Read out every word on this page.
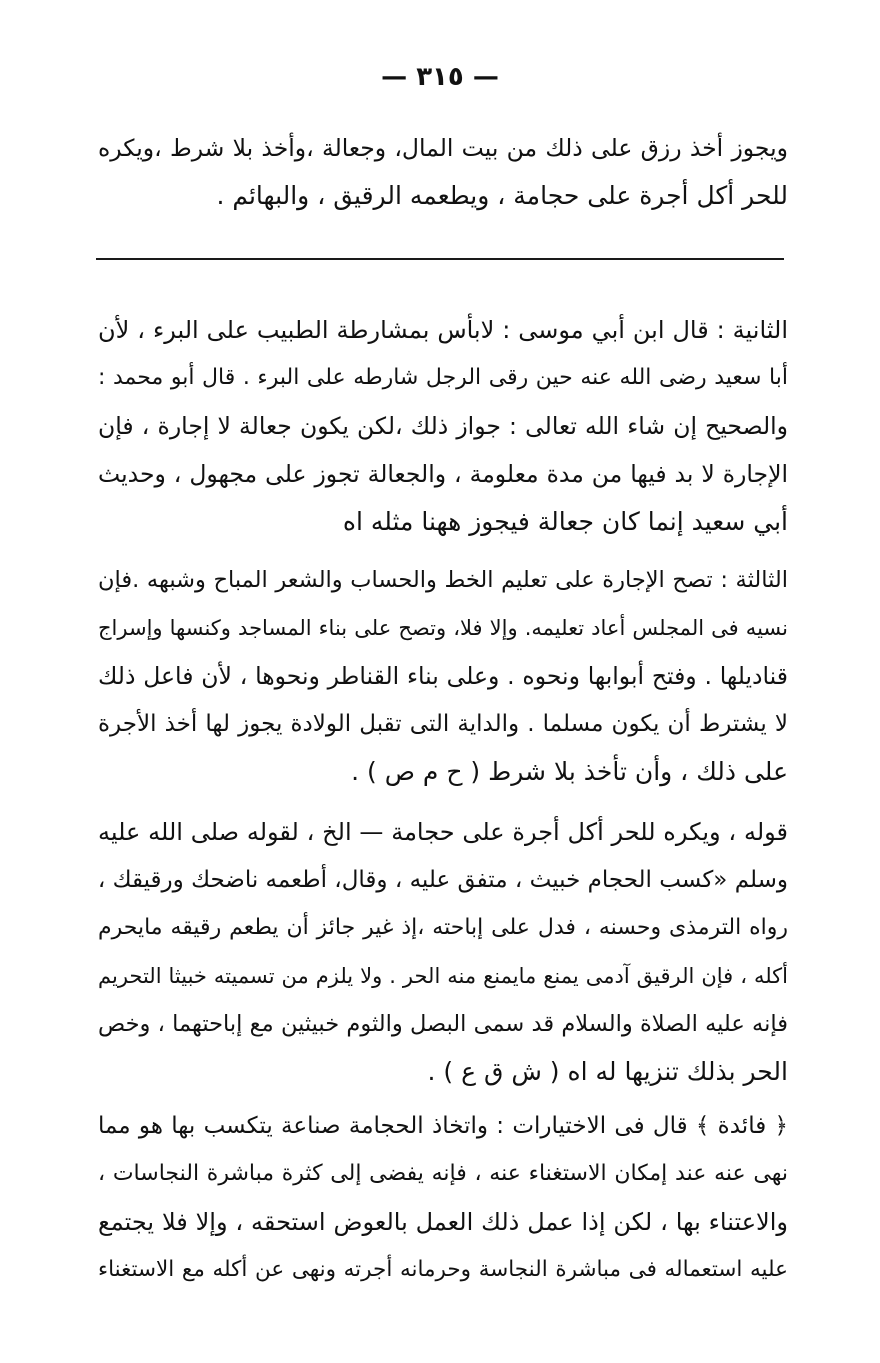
— ٣١٥ —
ويجوز أخذ رزق على ذلك من بيت المال، وجعالة ،وأخذ بلا شرط ،ويكره
للحر أكل أجرة على حجامة ، ويطعمه الرقيق ، والبهائم .
الثانية : قال ابن أبي موسى : لابأس بمشارطة الطبيب على البرء ، لأن
أبا سعيد رضى الله عنه حين رقى الرجل شارطه على البرء . قال أبو محمد :
والصحيح إن شاء الله تعالى : جواز ذلك ،لكن يكون جعالة لا إجارة ، فإن
الإجارة لا بد فيها من مدة معلومة ، والجعالة تجوز على مجهول ، وحديث
أبي سعيد إنما كان جعالة فيجوز ههنا مثله اه
الثالثة : تصح الإجارة على تعليم الخط والحساب والشعر المباح وشبهه .فإن
نسيه فى المجلس أعاد تعليمه. وإلا فلا، وتصح على بناء المساجد وكنسها وإسراج
قناديلها . وفتح أبوابها ونحوه . وعلى بناء القناطر ونحوها ، لأن فاعل ذلك
لا يشترط أن يكون مسلما . والداية التى تقبل الولادة يجوز لها أخذ الأجرة
على ذلك ، وأن تأخذ بلا شرط ( ح م ص ) .
قوله ، ويكره للحر أكل أجرة على حجامة — الخ ، لقوله صلى الله عليه
وسلم «كسب الحجام خبيث ، متفق عليه ، وقال، أطعمه ناضحك ورقيقك ،
رواه الترمذى وحسنه ، فدل على إباحته ،إذ غير جائز أن يطعم رقيقه مايحرم
أكله ، فإن الرقيق آدمى يمنع مايمنع منه الحر . ولا يلزم من تسميته خبيثا التحريم
فإنه عليه الصلاة والسلام قد سمى البصل والثوم خبيثين مع إباحتهما ، وخص
الحر بذلك تنزيها له اه ( ش ق ع ) .
﴿ فائدة ﴾ قال فى الاختيارات : واتخاذ الحجامة صناعة يتكسب بها هو مما
نهى عنه عند إمكان الاستغناء عنه ، فإنه يفضى إلى كثرة مباشرة النجاسات ،
والاعتناء بها ، لكن إذا عمل ذلك العمل بالعوض استحقه ، وإلا فلا يجتمع
عليه استعماله فى مباشرة النجاسة وحرمانه أجرته ونهى عن أكله مع الاستغناء
